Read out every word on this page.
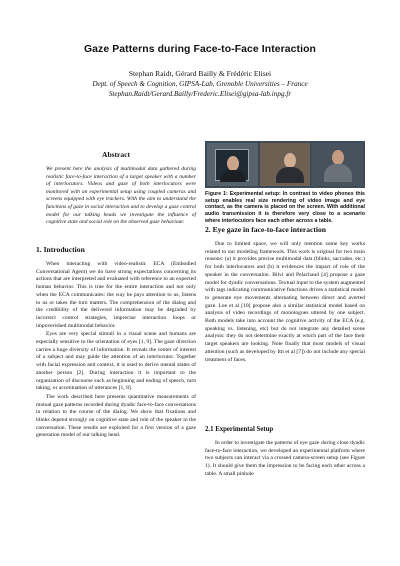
Gaze Patterns during Face-to-Face Interaction
Stephan Raidt, Gérard Bailly & Frédéric Elisei
Dept. of Speech & Cognition, GIPSA-Lab, Grenoble Universities – France
Stephan.Raidt/Gerard.Bailly/Frederic.Elisei@gipsa-lab.inpg.fr
Abstract

We present here the analysis of multimodal data gathered during realistic face-to-face interaction of a target speaker with a number of interlocutors. Videos and gaze of both interlocutors were monitored with an experimental setup using coupled cameras and screens equipped with eye trackers. With the aim to understand the functions of gaze in social interaction and to develop a gaze control model for our talking heads we investigate the influence of cognitive state and social role on the observed gaze behaviour.

1. Introduction

When interacting with video-realistic ECA (Embodied Conversational Agent) we do have strong expectations concerning its actions that are interpreted and evaluated with reference to an expected human behavior. This is true for the entire interaction and not only when the ECA communicates: the way he pays attention to us, listens to us or takes the turn matters. The comprehension of the dialog and the credibility of the delivered information may be degraded by incorrect control strategies, imprecise interaction loops or impoverished multimodal behavior.

Eyes are very special stimuli in a visual scene and humans are especially sensitive to the orientation of eyes [1, 9]. The gaze direction carries a huge diversity of information. It reveals the center of interest of a subject and may guide the attention of an interlocutor. Together with facial expression and context, it is used to derive mental states of another person [2]. During interaction it is important to the organization of discourse such as beginning and ending of speech, turn taking, or accentuation of utterances [1, 8].

The work described here presents quantitative measurements of mutual gaze patterns recorded during dyadic face-to-face conversations in relation to the course of the dialog. We show that fixations and blinks depend strongly on cognitive state and role of the speaker in the conversation. These results are exploited for a first version of a gaze generation model of our talking head.

Figure 1: Experimental setup: In contrast to video phones this setup enables real size rendering of video image and eye contact, as the camera is placed on the screen. With additional audio transmission it is therefore very close to a scenario where interlocutors face each other across a table.

2. Eye gaze in face-to-face interaction

Due to limited space, we will only mention some key works related to our modeling framework. This work is original for two main reasons: (a) it provides precise multimodal data (blinks, saccades, etc.) for both interlocutors and (b) it evidences the impact of role of the speaker in the conversation. Bilvi and Pelachaud [4] propose a gaze model for dyadic conversations. Textual input to the system augmented with tags indicating communicative functions drives a statistical model to generate eye movements alternating between direct and averted gaze. Lee et al [10] propose also a similar statistical model based on analysis of video recordings of monologues uttered by one subject. Both models take into account the cognitive activity of the ECA (e.g. speaking vs. listening, etc) but do not integrate any detailed scene analysis: they do not determine exactly at which part of the face their target speakers are looking. Note finally that most models of visual attention (such as developed by Itti et al [7]) do not include any special treatment of faces.

2.1 Experimental Setup

In order to investigate the patterns of eye gaze during close dyadic face-to-face interaction, we developed an experimental platform where two subjects can interact via a crossed camera-screen setup (see Figure 1). It should give them the impression to be facing each other across a table. A small pinhole
